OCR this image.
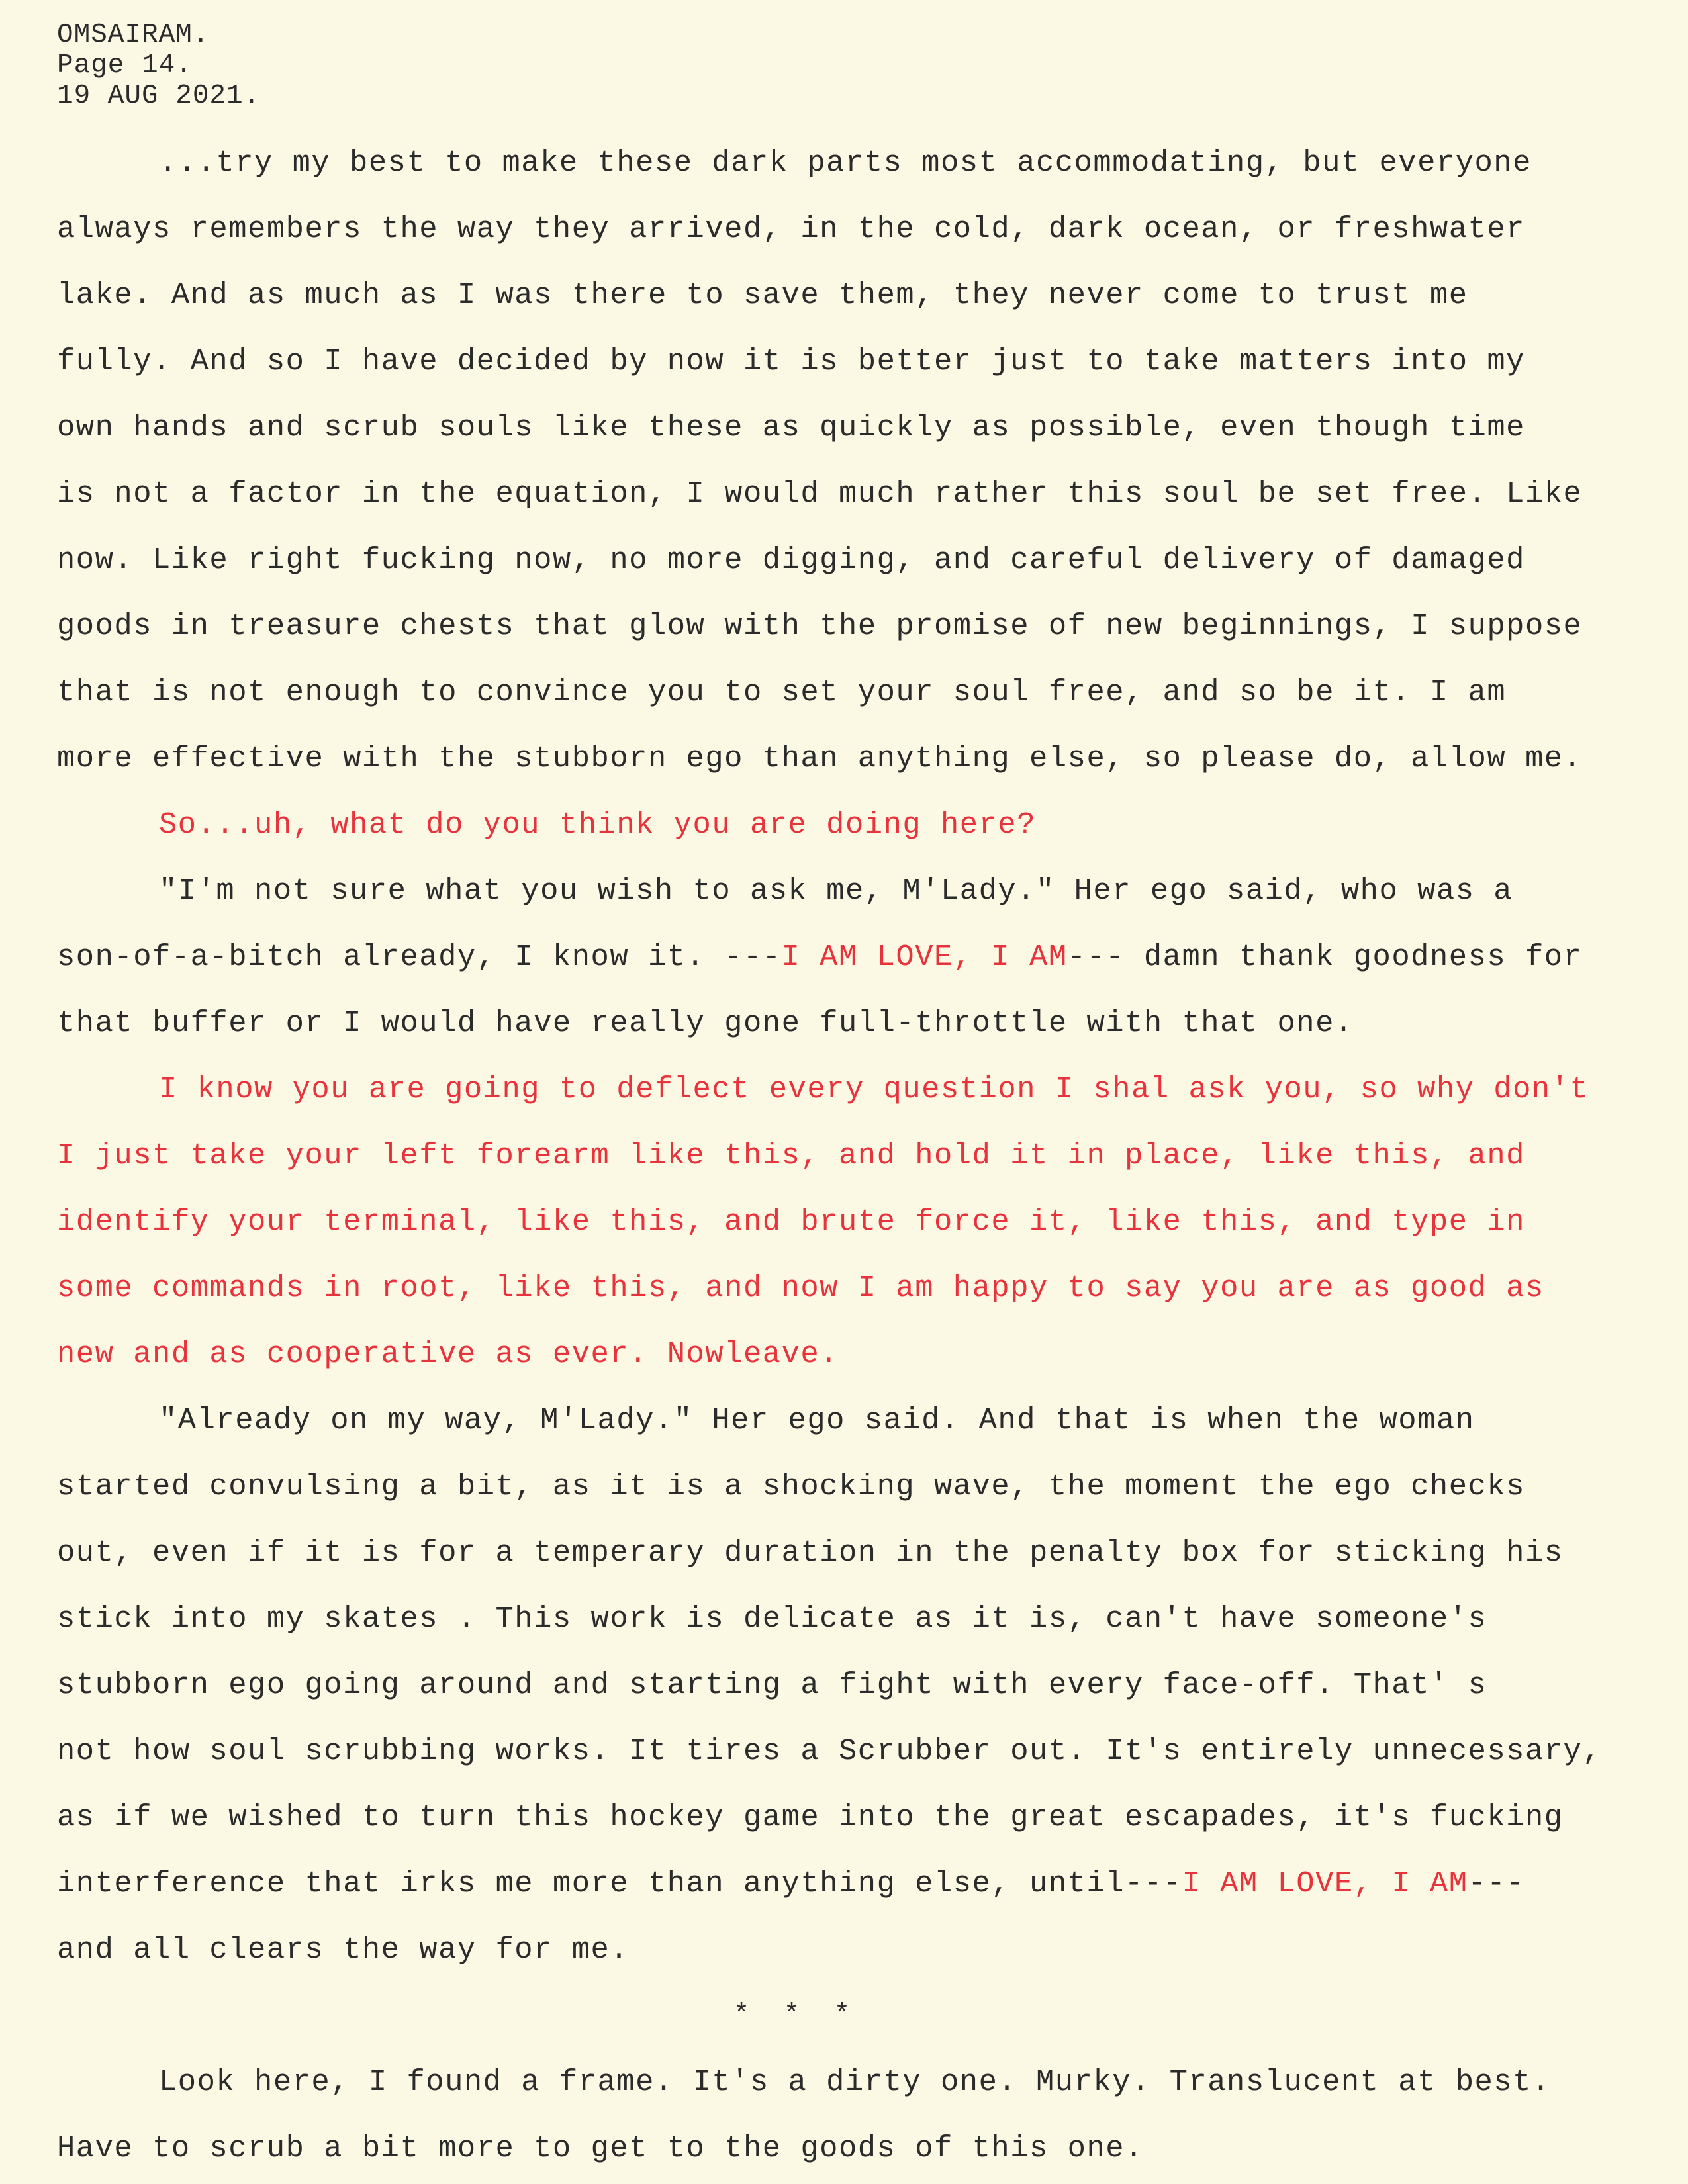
OMSAIRAM.
Page 14.
19 AUG 2021.
...try my best to make these dark parts most accommodating, but everyone
always remembers the way they arrived, in the cold, dark ocean, or freshwater
lake. And as much as I was there to save them, they never come to trust me
fully. And so I have decided by now it is better just to take matters into my
own hands and scrub souls like these as quickly as possible, even though time
is not a factor in the equation, I would much rather this soul be set free. Like
now. Like right fucking now, no more digging, and careful delivery of damaged
goods in treasure chests that glow with the promise of new beginnings, I suppose
that is not enough to convince you to set your soul free, and so be it. I am
more effective with the stubborn ego than anything else, so please do, allow me.
So...uh, what do you think you are doing here?
"I'm not sure what you wish to ask me, M'Lady." Her ego said, who was a
son-of-a-bitch already, I know it. ---I AM LOVE, I AM--- damn thank goodness for
that buffer or I would have really gone full-throttle with that one.
I know you are going to deflect every question I shal ask you, so why don't
I just take your left forearm like this, and hold it in place, like this, and
identify your terminal, like this, and brute force it, like this, and type in
some commands in root, like this, and now I am happy to say you are as good as
new and as cooperative as ever. Nowleave.
"Already on my way, M'Lady." Her ego said. And that is when the woman
started convulsing a bit, as it is a shocking wave, the moment the ego checks
out, even if it is for a temperary duration in the penalty box for sticking his
stick into my skates . This work is delicate as it is, can't have someone's
stubborn ego going around and starting a fight with every face-off. That' s
not how soul scrubbing works. It tires a Scrubber out. It's entirely unnecessary,
as if we wished to turn this hockey game into the great escapades, it's fucking
interference that irks me more than anything else, until---I AM LOVE, I AM---
and all clears the way for me.
Look here, I found a frame. It's a dirty one. Murky. Translucent at best.
Have to scrub a bit more to get to the goods of this one.
* * *
